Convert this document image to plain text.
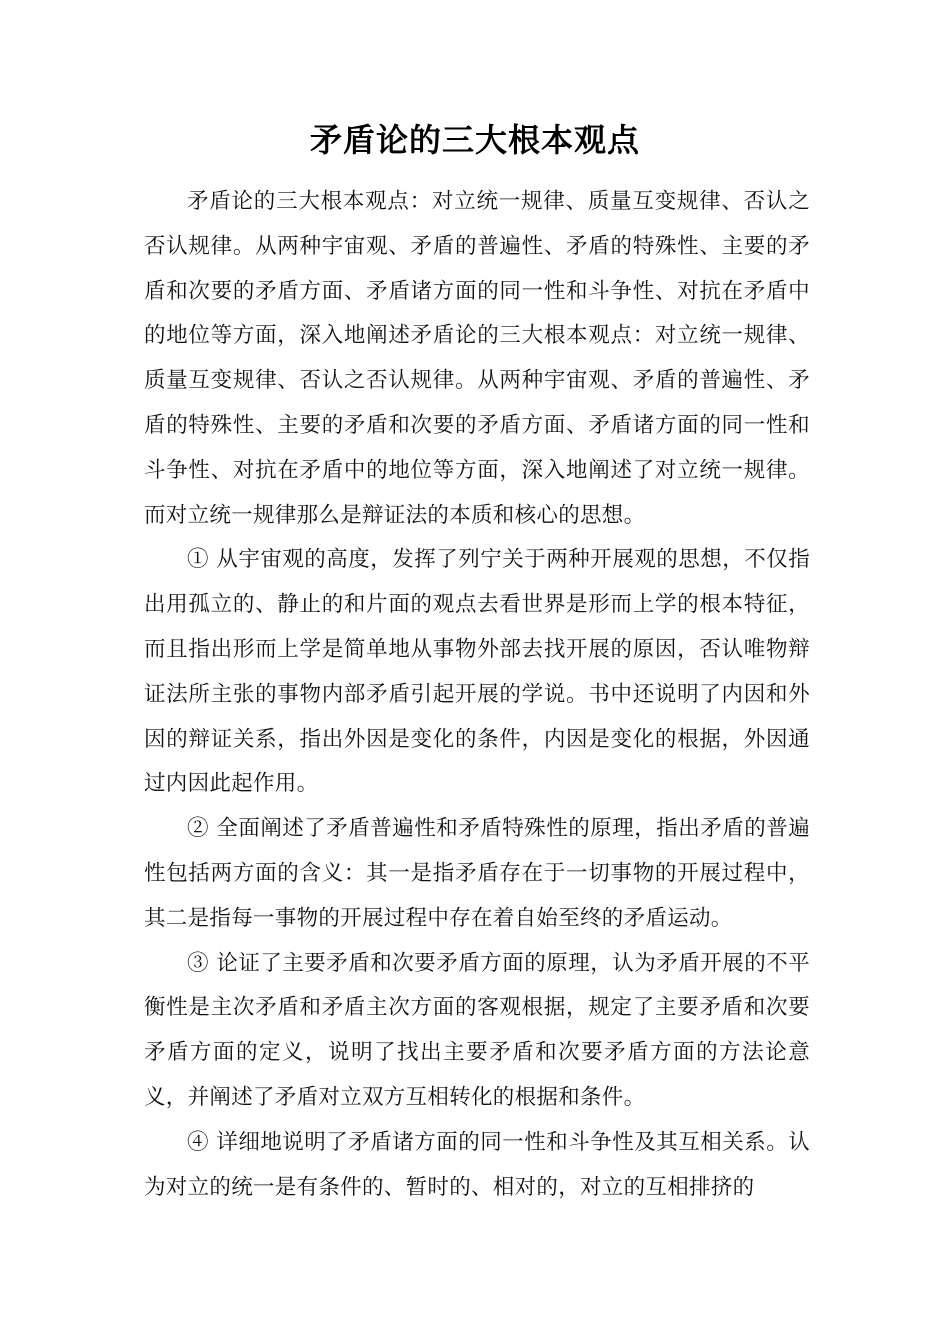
矛盾论的三大根本观点

矛盾论的三大根本观点：对立统一规律、质量互变规律、否认之否认规律。从两种宇宙观、矛盾的普遍性、矛盾的特殊性、主要的矛盾和次要的矛盾方面、矛盾诸方面的同一性和斗争性、对抗在矛盾中的地位等方面，深入地阐述矛盾论的三大根本观点：对立统一规律、质量互变规律、否认之否认规律。从两种宇宙观、矛盾的普遍性、矛盾的特殊性、主要的矛盾和次要的矛盾方面、矛盾诸方面的同一性和斗争性、对抗在矛盾中的地位等方面，深入地阐述了对立统一规律。而对立统一规律那么是辩证法的本质和核心的思想。

① 从宇宙观的高度，发挥了列宁关于两种开展观的思想，不仅指出用孤立的、静止的和片面的观点去看世界是形而上学的根本特征，而且指出形而上学是简单地从事物外部去找开展的原因，否认唯物辩证法所主张的事物内部矛盾引起开展的学说。书中还说明了内因和外因的辩证关系，指出外因是变化的条件，内因是变化的根据，外因通过内因此起作用。

② 全面阐述了矛盾普遍性和矛盾特殊性的原理，指出矛盾的普遍性包括两方面的含义：其一是指矛盾存在于一切事物的开展过程中，其二是指每一事物的开展过程中存在着自始至终的矛盾运动。

③ 论证了主要矛盾和次要矛盾方面的原理，认为矛盾开展的不平衡性是主次矛盾和矛盾主次方面的客观根据，规定了主要矛盾和次要矛盾方面的定义，说明了找出主要矛盾和次要矛盾方面的方法论意义，并阐述了矛盾对立双方互相转化的根据和条件。

④ 详细地说明了矛盾诸方面的同一性和斗争性及其互相关系。认为对立的统一是有条件的、暂时的、相对的，对立的互相排挤的
